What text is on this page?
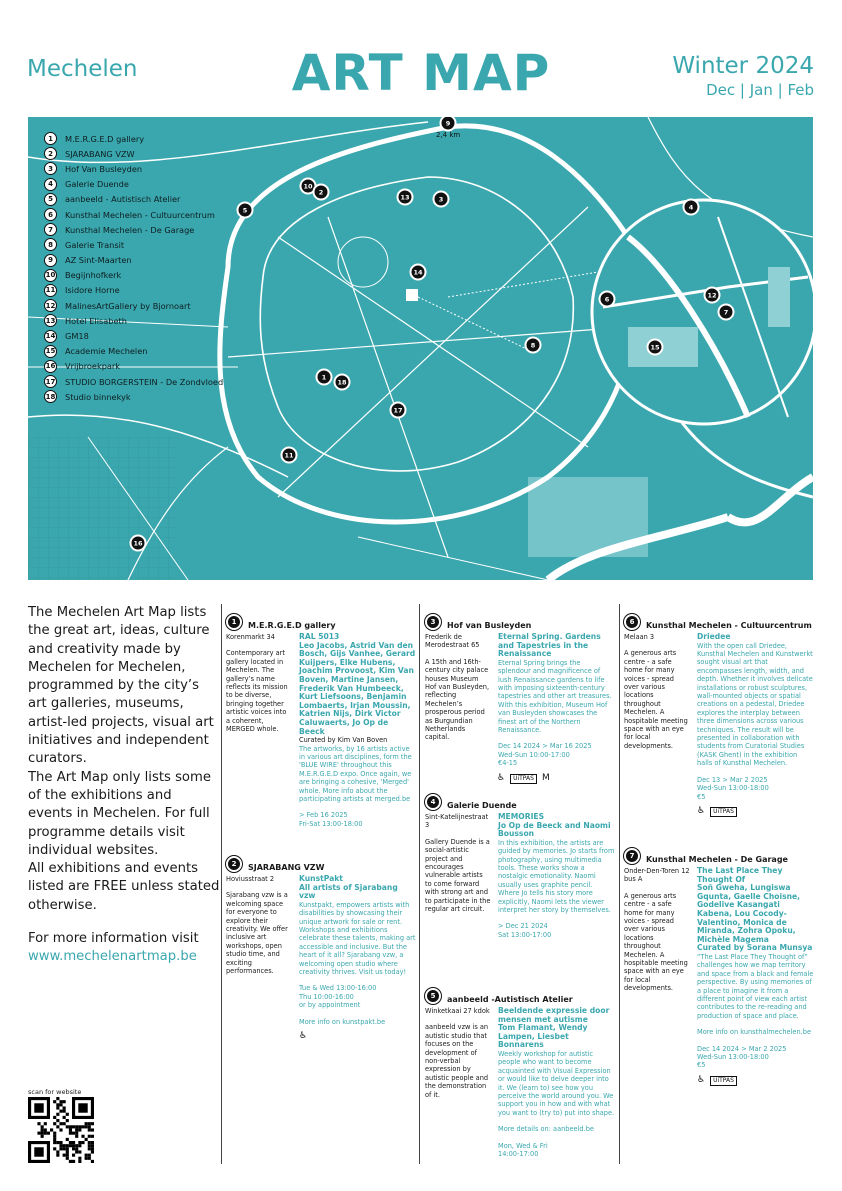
Mechelen	ART MAP	Winter 2024
Dec | Jan | Feb
1	M.E.R.G.E.D gallery
2	SJARABANG VZW
3	Hof Van Busleyden
4	Galerie Duende
5	aanbeeld - Autistisch Atelier
6	Kunsthal Mechelen - Cultuurcentrum
7	Kunsthal Mechelen - De Garage
8	Galerie Transit
9	AZ Sint-Maarten
10 Begijnhofkerk
11 Isidore Horne
12 MalinesArtGallery by Bjornoart
13 Hotel Elisabeth
14 GM18
15 Academie Mechelen
16 Vrijbroekpark
17 STUDIO BORGERSTEIN - De Zondvloed
18 Studio binnekyk
9
2,4 km
5
10
2
13	3
14
8
1
18
17
11
16
4
6	12
7
15

The Mechelen Art Map lists the great art, ideas, culture and creativity made by Mechelen for Mechelen, programmed by the city’s art galleries, museums, artist-led projects, visual art initiatives and independent curators.

The Art Map only lists some of the exhibitions and events in Mechelen. For full programme details visit individual websites.

All exhibitions and events listed are FREE unless stated otherwise.

For more information visit
www.mechelenartmap.be
scan for website
1	M.E.R.G.E.D gallery
Korenmarkt 34
Contemporary art gallery located in Mechelen. The gallery’s name reflects its mission to be diverse, bringing together artistic voices into a coherent, MERGED whole.
RAL 5013
Leo Jacobs, Astrid Van den Bosch, Gijs Vanhee, Gerard Kuijpers, Elke Hubens, Joachim Provoost, Kim Van Boven, Martine Jansen, Frederik Van Humbeeck, Kurt Liefsoons, Benjamin Lombaerts, Irjan Moussin, Katrien Nijs, Dirk Victor Caluwaerts, Jo Op de Beeck
Curated by Kim Van Boven
The artworks, by 16 artists active in various art disciplines, form the 'BLUE WIRE' throughout this M.E.R.G.E.D expo. Once again, we are bringing a cohesive, 'Merged' whole. More info about the participating artists at merged.be
> Feb 16 2025
Fri-Sat 13:00-18:00
2	SJARABANG VZW
Hoviusstraat 2
Sjarabang vzw is a welcoming space for everyone to explore their creativity. We offer inclusive art workshops, open studio time, and exciting performances.
KunstPakt
All artists of Sjarabang vzw
Kunstpakt, empowers artists with disabilities by showcasing their unique artwork for sale or rent. Workshops and exhibitions celebrate these talents, making art accessible and inclusive. But the heart of it all? Sjarabang vzw, a welcoming open studio where creativity thrives. Visit us today!
Tue & Wed 13:00-16:00
Thu 10:00-16:00
or by appointment
More info on kunstpakt.be
♿
3	Hof van Busleyden
Frederik de Merodestraat 65
A 15th and 16th-century city palace houses Museum Hof van Busleyden, reflecting Mechelen’s prosperous period as Burgundian Netherlands capital.
Eternal Spring. Gardens and Tapestries in the Renaissance
Eternal Spring brings the splendour and magnificence of lush Renaissance gardens to life with imposing sixteenth-century tapestries and other art treasures. With this exhibition, Museum Hof van Busleyden showcases the finest art of the Northern Renaissance.
Dec 14 2024 > Mar 16 2025
Wed-Sun 10:00-17:00
€4-15
♿ UiTPAS M
4	Galerie Duende
Sint-Katelijnestraat 3
Gallery Duende is a social-artistic project and encourages vulnerable artists to come forward with strong art and to participate in the regular art circuit.
MEMORIES
Jo Op de Beeck and Naomi Bousson
In this exhibition, the artists are guided by memories. Jo starts from photography, using multimedia tools. These works show a nostalgic emotionality. Naomi usually uses graphite pencil. Where Jo tells his story more explicitly, Naomi lets the viewer interpret her story by themselves.
> Dec 21 2024
Sat 13:00-17:00
5	aanbeeld -Autistisch Atelier
Winketkaai 27 kdok
aanbeeld vzw is an autistic studio that focuses on the development of non-verbal expression by autistic people and the demonstration of it.
Beeldende expressie door mensen met autisme
Tom Flamant, Wendy Lampen, Liesbet Bonnarens
Weekly workshop for autistic people who want to become acquainted with Visual Expression or would like to delve deeper into it. We (learn to) see how you perceive the world around you. We support you in how and with what you want to (try to) put into shape.
More details on: aanbeeld.be
Mon, Wed & Fri
14:00-17:00
6	Kunsthal Mechelen - Cultuurcentrum
Melaan 3
A generous arts centre - a safe home for many voices - spread over various locations throughout Mechelen. A hospitable meeting space with an eye for local developments.
Driedee
With the open call Driedee, Kunsthal Mechelen and Kunstwerkt sought visual art that encompasses length, width, and depth. Whether it involves delicate installations or robust sculptures, wall-mounted objects or spatial creations on a pedestal, Driedee explores the interplay between three dimensions across various techniques. The result will be presented in collaboration with students from Curatorial Studies (KASK Ghent) in the exhibition halls of Kunsthal Mechelen.
Dec 13 > Mar 2 2025
Wed-Sun 13:00-18:00
€5
♿ UiTPAS
7	Kunsthal Mechelen - De Garage
Onder-Den-Toren 12 bus A
A generous arts centre - a safe home for many voices - spread over various locations throughout Mechelen. A hospitable meeting space with an eye for local developments.
The Last Place They Thought Of
Soñ Gweha, Lungiswa Gqunta, Gaelle Choisne, Godelive Kasangati Kabena, Lou Cocody-Valentino, Monica de Miranda, Zohra Opoku, Michèle Magema
Curated by Sorana Munsya
“The Last Place They Thought of” challenges how we map territory and space from a black and female perspective. By using memories of a place to imagine it from a different point of view each artist contributes to the re-reading and production of space and place.
More info on kunsthalmechelen.be
Dec 14 2024 > Mar 2 2025
Wed-Sun 13:00-18:00
€5
♿ UiTPAS
